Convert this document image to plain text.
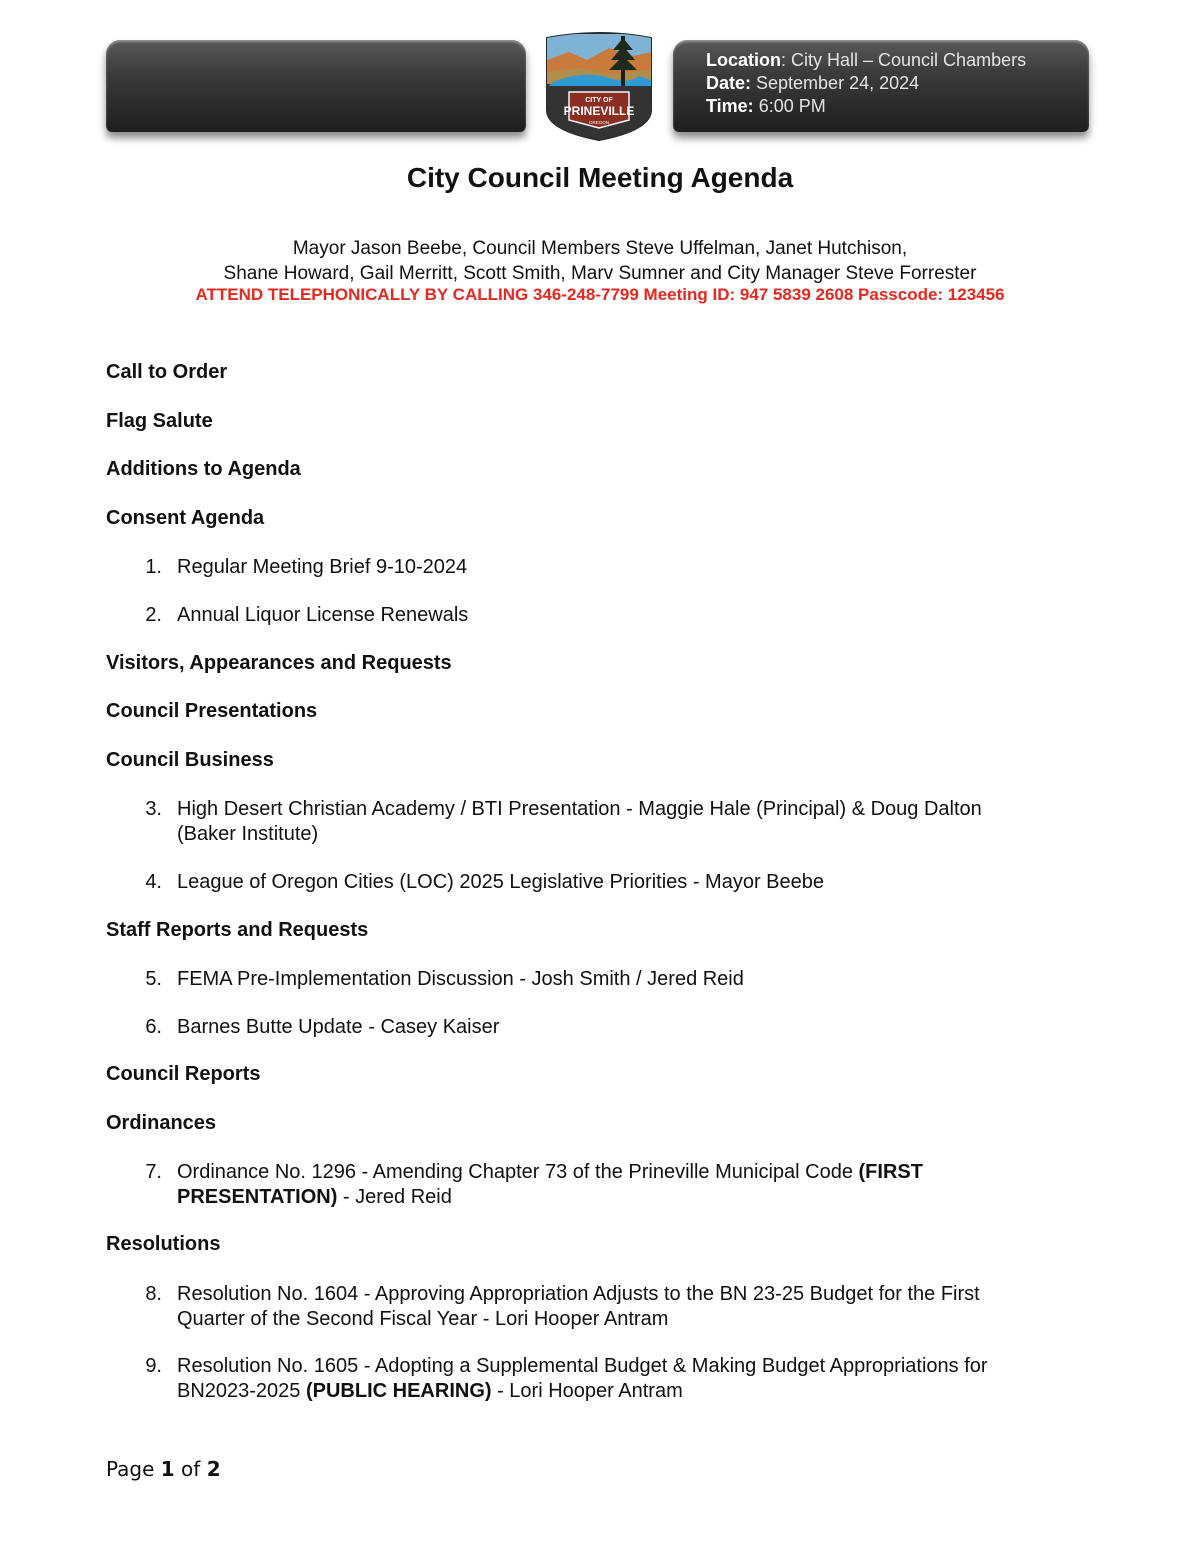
CITY OF
PRINEVILLE
OREGON
Location: City Hall – Council Chambers
Date: September 24, 2024
Time: 6:00 PM
City Council Meeting Agenda
Mayor Jason Beebe, Council Members Steve Uffelman, Janet Hutchison,
Shane Howard, Gail Merritt, Scott Smith, Marv Sumner and City Manager Steve Forrester
ATTEND TELEPHONICALLY BY CALLING 346-248-7799 Meeting ID: 947 5839 2608 Passcode: 123456
Call to Order
Flag Salute
Additions to Agenda
Consent Agenda
1. Regular Meeting Brief 9-10-2024
2. Annual Liquor License Renewals
Visitors, Appearances and Requests
Council Presentations
Council Business
3. High Desert Christian Academy / BTI Presentation - Maggie Hale (Principal) & Doug Dalton
(Baker Institute)
4. League of Oregon Cities (LOC) 2025 Legislative Priorities - Mayor Beebe
Staff Reports and Requests
5. FEMA Pre-Implementation Discussion - Josh Smith / Jered Reid
6. Barnes Butte Update - Casey Kaiser
Council Reports
Ordinances
7. Ordinance No. 1296 - Amending Chapter 73 of the Prineville Municipal Code (FIRST
PRESENTATION) - Jered Reid
Resolutions
8. Resolution No. 1604 - Approving Appropriation Adjusts to the BN 23-25 Budget for the First
Quarter of the Second Fiscal Year - Lori Hooper Antram
9. Resolution No. 1605 - Adopting a Supplemental Budget & Making Budget Appropriations for
BN2023-2025 (PUBLIC HEARING) - Lori Hooper Antram
Page 1 of 2
